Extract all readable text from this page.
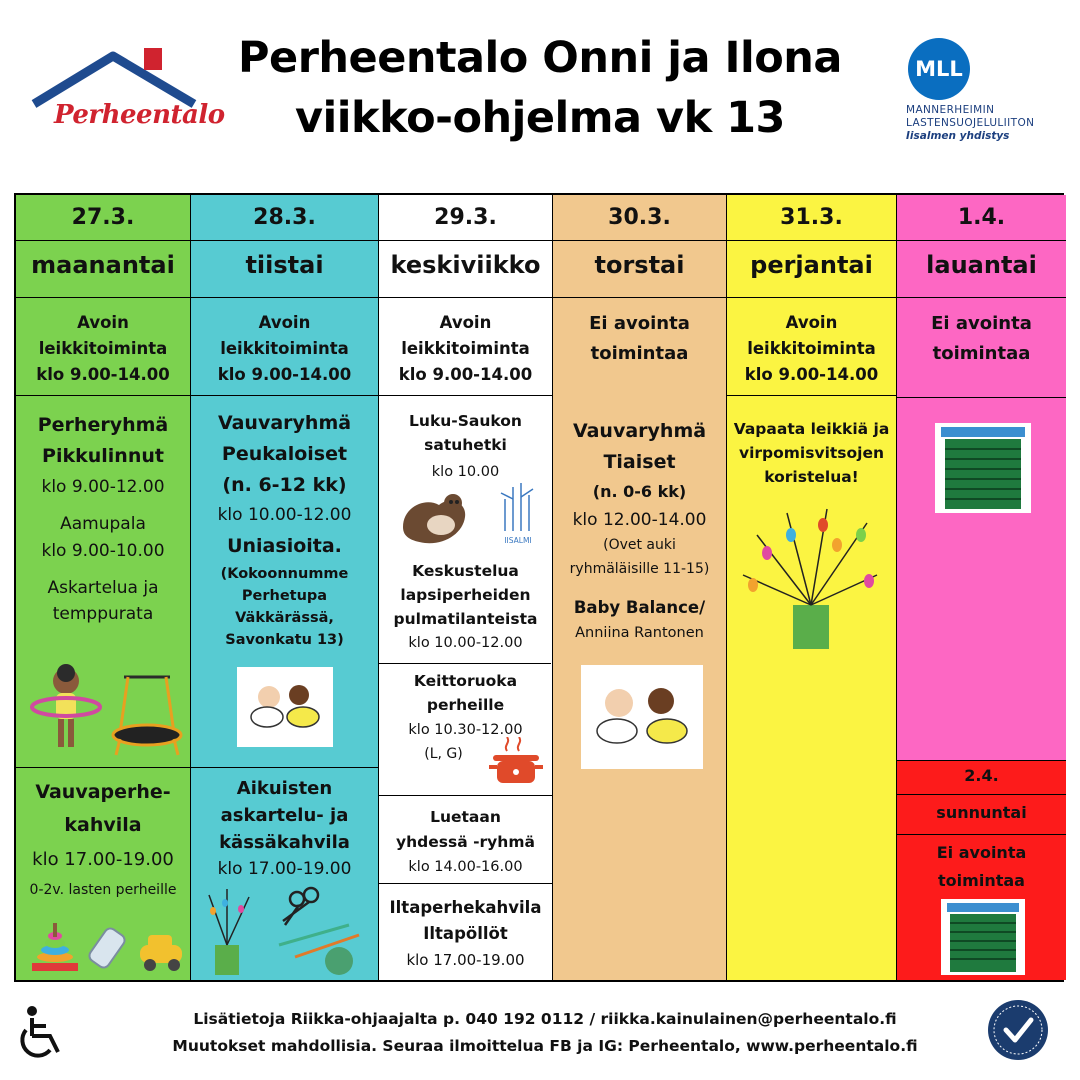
Perheentalo
Perheentalo Onni ja Ilona
viikko-ohjelma vk 13
MLL
MANNERHEIMIN
LASTENSUOJELULIITON
Iisalmen yhdistys
27.3.
maanantai
Avoin
leikkitoiminta
klo 9.00-14.00
Perheryhmä
Pikkulinnut
klo 9.00-12.00
Aamupala
klo 9.00-10.00
Askartelua ja
temppurata
Vauvaperhe-
kahvila
klo 17.00-19.00
0-2v. lasten perheille
28.3.
tiistai
Avoin
leikkitoiminta
klo 9.00-14.00
Vauvaryhmä
Peukaloiset
(n. 6-12 kk)
klo 10.00-12.00
Uniasioita.
(Kokoonnumme
Perhetupa
Väkkärässä,
Savonkatu 13)
Aikuisten
askartelu- ja
kässäkahvila
klo 17.00-19.00
29.3.
keskiviikko
Avoin
leikkitoiminta
klo 9.00-14.00
Luku-Saukon
satuhetki
klo 10.00
IISALMI
Keskustelua
lapsiperheiden
pulmatilanteista
klo 10.00-12.00
Keittoruoka
perheille
klo 10.30-12.00
(L, G)
Luetaan
yhdessä -ryhmä
klo 14.00-16.00
Iltaperhekahvila
Iltapöllöt
klo 17.00-19.00
30.3.
torstai
Ei avointa
toimintaa
Vauvaryhmä
Tiaiset
(n. 0-6 kk)
klo 12.00-14.00
(Ovet auki
ryhmäläisille 11-15)
Baby Balance/
Anniina Rantonen
31.3.
perjantai
Avoin
leikkitoiminta
klo 9.00-14.00
Vapaata leikkiä ja
virpomisvitsojen
koristelua!
1.4.
lauantai
Ei avointa
toimintaa
2.4.
sunnuntai
Ei avointa
toimintaa
Lisätietoja Riikka-ohjaajalta p. 040 192 0112 / riikka.kainulainen@perheentalo.fi
Muutokset mahdollisia. Seuraa ilmoittelua FB ja IG: Perheentalo, www.perheentalo.fi
